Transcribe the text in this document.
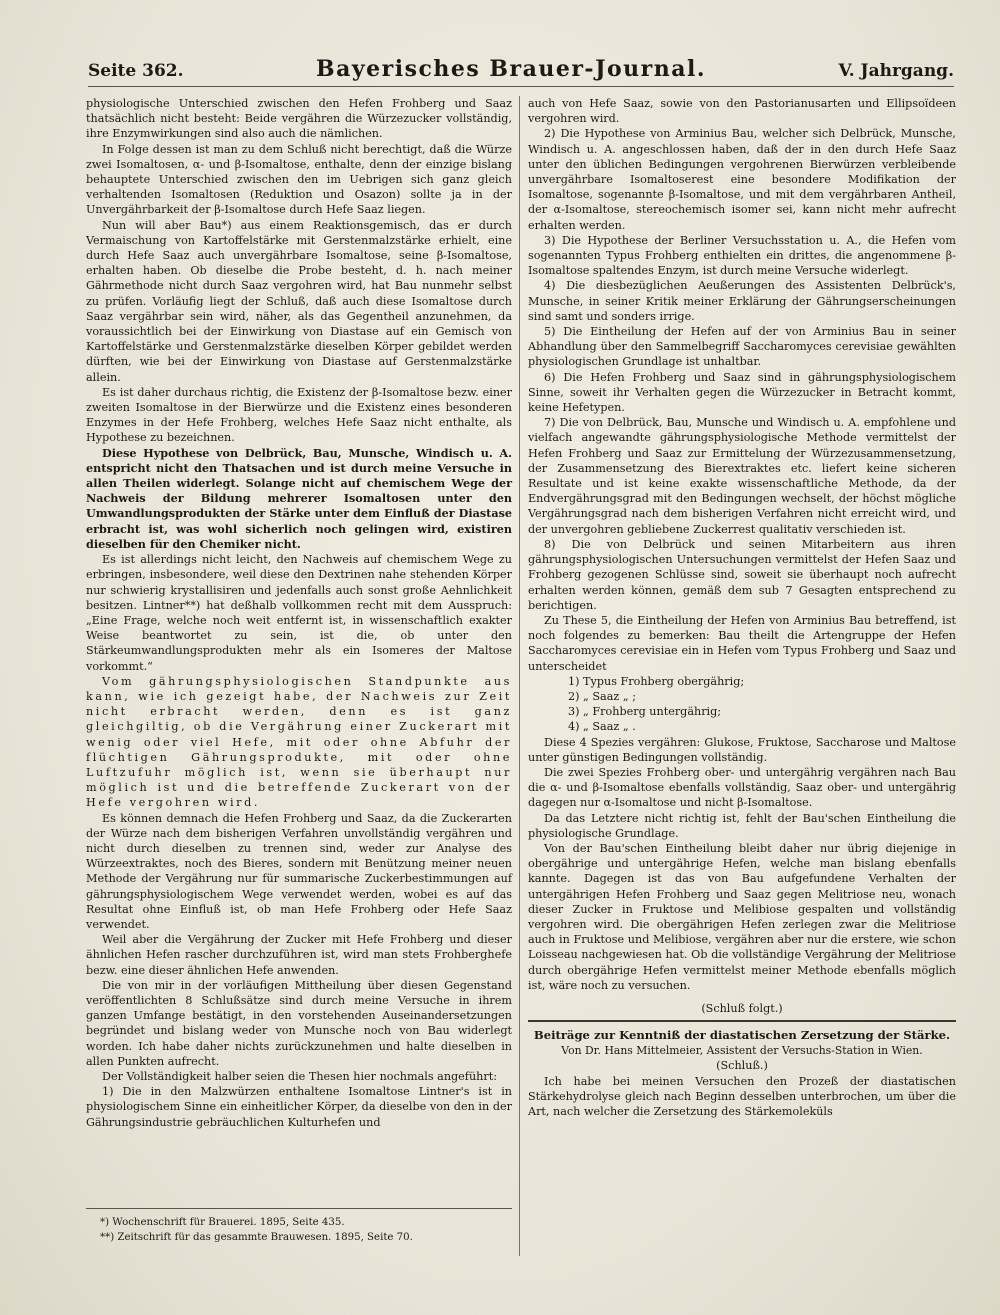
Seite 362.	Bayerisches Brauer-Journal.	V. Jahrgang.

physiologische Unterschied zwischen den Hefen Frohberg und Saaz thatsächlich nicht besteht: Beide vergähren die Würzezucker vollständig, ihre Enzymwirkungen sind also auch die nämlichen.

In Folge dessen ist man zu dem Schluß nicht berechtigt, daß die Würze zwei Isomaltosen, α- und β-Isomaltose, enthalte, denn der einzige bislang behauptete Unterschied zwischen den im Uebrigen sich ganz gleich verhaltenden Isomaltosen (Reduktion und Osazon) sollte ja in der Unvergährbarkeit der β-Isomaltose durch Hefe Saaz liegen.

Nun will aber Bau*) aus einem Reaktionsgemisch, das er durch Vermaischung von Kartoffelstärke mit Gerstenmalzstärke erhielt, eine durch Hefe Saaz auch unvergährbare Isomaltose, seine β-Isomaltose, erhalten haben. Ob dieselbe die Probe besteht, d. h. nach meiner Gährmethode nicht durch Saaz vergohren wird, hat Bau nunmehr selbst zu prüfen. Vorläufig liegt der Schluß, daß auch diese Isomaltose durch Saaz vergährbar sein wird, näher, als das Gegentheil anzunehmen, da voraussichtlich bei der Einwirkung von Diastase auf ein Gemisch von Kartoffelstärke und Gerstenmalzstärke dieselben Körper gebildet werden dürften, wie bei der Einwirkung von Diastase auf Gerstenmalzstärke allein.

Es ist daher durchaus richtig, die Existenz der β-Isomaltose bezw. einer zweiten Isomaltose in der Bierwürze und die Existenz eines besonderen Enzymes in der Hefe Frohberg, welches Hefe Saaz nicht enthalte, als Hypothese zu bezeichnen.

Diese Hypothese von Delbrück, Bau, Munsche, Windisch u. A. entspricht nicht den Thatsachen und ist durch meine Versuche in allen Theilen widerlegt. Solange nicht auf chemischem Wege der Nachweis der Bildung mehrerer Isomaltosen unter den Umwandlungsprodukten der Stärke unter dem Einfluß der Diastase erbracht ist, was wohl sicherlich noch gelingen wird, existiren dieselben für den Chemiker nicht.

Es ist allerdings nicht leicht, den Nachweis auf chemischem Wege zu erbringen, insbesondere, weil diese den Dextrinen nahe stehenden Körper nur schwierig krystallisiren und jedenfalls auch sonst große Aehnlichkeit besitzen. Lintner**) hat deßhalb vollkommen recht mit dem Ausspruch: „Eine Frage, welche noch weit entfernt ist, in wissenschaftlich exakter Weise beantwortet zu sein, ist die, ob unter den Stärkeumwandlungsprodukten mehr als ein Isomeres der Maltose vorkommt.“

Vom gährungsphysiologischen Standpunkte aus kann, wie ich gezeigt habe, der Nachweis zur Zeit nicht erbracht werden, denn es ist ganz gleichgiltig, ob die Vergährung einer Zuckerart mit wenig oder viel Hefe, mit oder ohne Abfuhr der flüchtigen Gährungsprodukte, mit oder ohne Luftzufuhr möglich ist, wenn sie überhaupt nur möglich ist und die betreffende Zuckerart von der Hefe vergohren wird.

Es können demnach die Hefen Frohberg und Saaz, da die Zuckerarten der Würze nach dem bisherigen Verfahren unvollständig vergähren und nicht durch dieselben zu trennen sind, weder zur Analyse des Würzeextraktes, noch des Bieres, sondern mit Benützung meiner neuen Methode der Vergährung nur für summarische Zuckerbestimmungen auf gährungsphysiologischem Wege verwendet werden, wobei es auf das Resultat ohne Einfluß ist, ob man Hefe Frohberg oder Hefe Saaz verwendet.

Weil aber die Vergährung der Zucker mit Hefe Frohberg und dieser ähnlichen Hefen rascher durchzuführen ist, wird man stets Frohberghefe bezw. eine dieser ähnlichen Hefe anwenden.

Die von mir in der vorläufigen Mittheilung über diesen Gegenstand veröffentlichten 8 Schlußsätze sind durch meine Versuche in ihrem ganzen Umfange bestätigt, in den vorstehenden Auseinandersetzungen begründet und bislang weder von Munsche noch von Bau widerlegt worden. Ich habe daher nichts zurückzunehmen und halte dieselben in allen Punkten aufrecht.

Der Vollständigkeit halber seien die Thesen hier nochmals angeführt:

1) Die in den Malzwürzen enthaltene Isomaltose Lintner's ist in physiologischem Sinne ein einheitlicher Körper, da dieselbe von den in der Gährungsindustrie gebräuchlichen Kulturhefen und

*) Wochenschrift für Brauerei. 1895, Seite 435.
**) Zeitschrift für das gesammte Brauwesen. 1895, Seite 70.

auch von Hefe Saaz, sowie von den Pastorianusarten und Ellipsoïdeen vergohren wird.

2) Die Hypothese von Arminius Bau, welcher sich Delbrück, Munsche, Windisch u. A. angeschlossen haben, daß der in den durch Hefe Saaz unter den üblichen Bedingungen vergohrenen Bierwürzen verbleibende unvergährbare Isomaltoserest eine besondere Modifikation der Isomaltose, sogenannte β-Isomaltose, und mit dem vergährbaren Antheil, der α-Isomaltose, stereochemisch isomer sei, kann nicht mehr aufrecht erhalten werden.

3) Die Hypothese der Berliner Versuchsstation u. A., die Hefen vom sogenannten Typus Frohberg enthielten ein drittes, die angenommene β-Isomaltose spaltendes Enzym, ist durch meine Versuche widerlegt.

4) Die diesbezüglichen Aeußerungen des Assistenten Delbrück's, Munsche, in seiner Kritik meiner Erklärung der Gährungserscheinungen sind samt und sonders irrige.

5) Die Eintheilung der Hefen auf der von Arminius Bau in seiner Abhandlung über den Sammelbegriff Saccharomyces cerevisiae gewählten physiologischen Grundlage ist unhaltbar.

6) Die Hefen Frohberg und Saaz sind in gährungsphysiologischem Sinne, soweit ihr Verhalten gegen die Würzezucker in Betracht kommt, keine Hefetypen.

7) Die von Delbrück, Bau, Munsche und Windisch u. A. empfohlene und vielfach angewandte gährungsphysiologische Methode vermittelst der Hefen Frohberg und Saaz zur Ermittelung der Würzezusammensetzung, der Zusammensetzung des Bierextraktes etc. liefert keine sicheren Resultate und ist keine exakte wissenschaftliche Methode, da der Endvergährungsgrad mit den Bedingungen wechselt, der höchst mögliche Vergährungsgrad nach dem bisherigen Verfahren nicht erreicht wird, und der unvergohren gebliebene Zuckerrest qualitativ verschieden ist.

8) Die von Delbrück und seinen Mitarbeitern aus ihren gährungsphysiologischen Untersuchungen vermittelst der Hefen Saaz und Frohberg gezogenen Schlüsse sind, soweit sie überhaupt noch aufrecht erhalten werden können, gemäß dem sub 7 Gesagten entsprechend zu berichtigen.

Zu These 5, die Eintheilung der Hefen von Arminius Bau betreffend, ist noch folgendes zu bemerken: Bau theilt die Artengruppe der Hefen Saccharomyces cerevisiae ein in Hefen vom Typus Frohberg und Saaz und unterscheidet

1) Typus Frohberg obergährig;

2) „ Saaz „ ;

3) „ Frohberg untergährig;

4) „ Saaz „ .

Diese 4 Spezies vergähren: Glukose, Fruktose, Saccharose und Maltose unter günstigen Bedingungen vollständig.

Die zwei Spezies Frohberg ober- und untergährig vergähren nach Bau die α- und β-Isomaltose ebenfalls vollständig, Saaz ober- und untergährig dagegen nur α-Isomaltose und nicht β-Isomaltose.

Da das Letztere nicht richtig ist, fehlt der Bau'schen Eintheilung die physiologische Grundlage.

Von der Bau'schen Eintheilung bleibt daher nur übrig diejenige in obergährige und untergährige Hefen, welche man bislang ebenfalls kannte. Dagegen ist das von Bau aufgefundene Verhalten der untergährigen Hefen Frohberg und Saaz gegen Melitriose neu, wonach dieser Zucker in Fruktose und Melibiose gespalten und vollständig vergohren wird. Die obergährigen Hefen zerlegen zwar die Melitriose auch in Fruktose und Melibiose, vergähren aber nur die erstere, wie schon Loisseau nachgewiesen hat. Ob die vollständige Vergährung der Melitriose durch obergährige Hefen vermittelst meiner Methode ebenfalls möglich ist, wäre noch zu versuchen.

(Schluß folgt.)

Beiträge zur Kenntniß der diastatischen Zersetzung der Stärke.

Von Dr. Hans Mittelmeier, Assistent der Versuchs-Station in Wien.

(Schluß.)

Ich habe bei meinen Versuchen den Prozeß der diastatischen Stärkehydrolyse gleich nach Beginn desselben unterbrochen, um über die Art, nach welcher die Zersetzung des Stärkemoleküls
